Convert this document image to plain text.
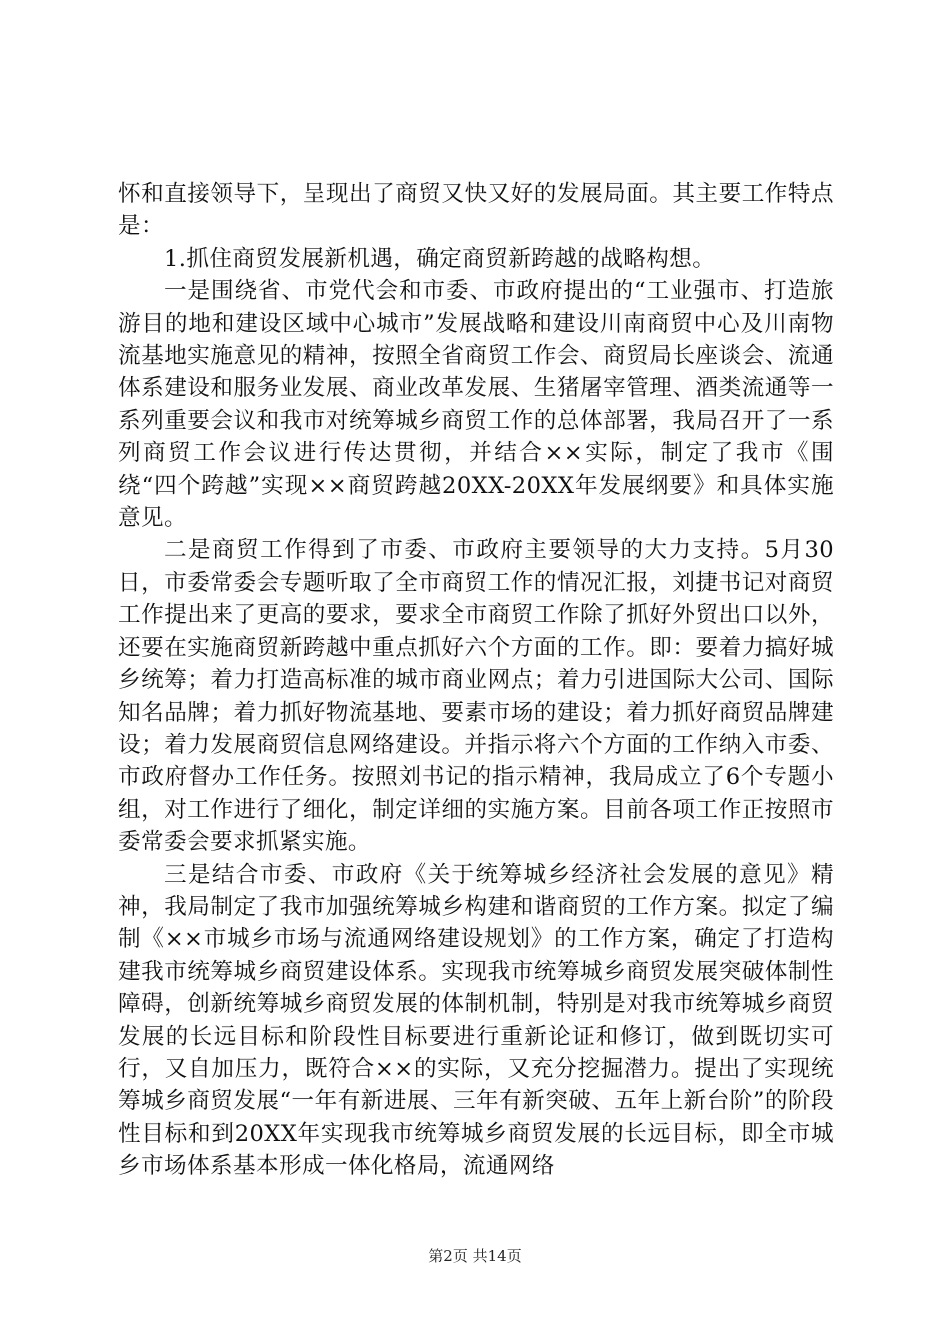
怀和直接领导下，呈现出了商贸又快又好的发展局面。其主要工作特点是：

1.抓住商贸发展新机遇，确定商贸新跨越的战略构想。

一是围绕省、市党代会和市委、市政府提出的“工业强市、打造旅游目的地和建设区域中心城市”发展战略和建设川南商贸中心及川南物流基地实施意见的精神，按照全省商贸工作会、商贸局长座谈会、流通体系建设和服务业发展、商业改革发展、生猪屠宰管理、酒类流通等一系列重要会议和我市对统筹城乡商贸工作的总体部署，我局召开了一系列商贸工作会议进行传达贯彻，并结合××实际，制定了我市《围绕“四个跨越”实现××商贸跨越20XX-20XX年发展纲要》和具体实施意见。

二是商贸工作得到了市委、市政府主要领导的大力支持。5月30日，市委常委会专题听取了全市商贸工作的情况汇报，刘捷书记对商贸工作提出来了更高的要求，要求全市商贸工作除了抓好外贸出口以外，还要在实施商贸新跨越中重点抓好六个方面的工作。即：要着力搞好城乡统筹；着力打造高标准的城市商业网点；着力引进国际大公司、国际知名品牌；着力抓好物流基地、要素市场的建设；着力抓好商贸品牌建设；着力发展商贸信息网络建设。并指示将六个方面的工作纳入市委、市政府督办工作任务。按照刘书记的指示精神，我局成立了6个专题小组，对工作进行了细化，制定详细的实施方案。目前各项工作正按照市委常委会要求抓紧实施。

三是结合市委、市政府《关于统筹城乡经济社会发展的意见》精神，我局制定了我市加强统筹城乡构建和谐商贸的工作方案。拟定了编制《××市城乡市场与流通网络建设规划》的工作方案，确定了打造构建我市统筹城乡商贸建设体系。实现我市统筹城乡商贸发展突破体制性障碍，创新统筹城乡商贸发展的体制机制，特别是对我市统筹城乡商贸发展的长远目标和阶段性目标要进行重新论证和修订，做到既切实可行，又自加压力，既符合××的实际，又充分挖掘潜力。提出了实现统筹城乡商贸发展“一年有新进展、三年有新突破、五年上新台阶”的阶段性目标和到20XX年实现我市统筹城乡商贸发展的长远目标，即全市城乡市场体系基本形成一体化格局，流通网络

第2页 共14页
